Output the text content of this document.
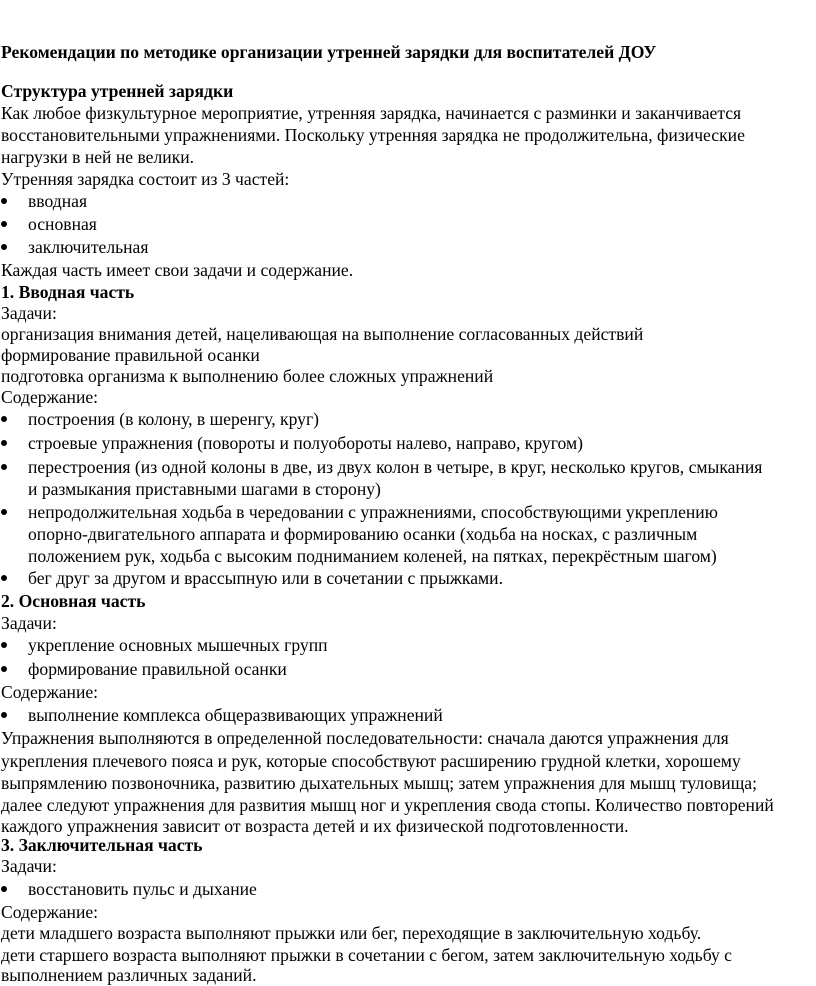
Рекомендации по методике организации утренней зарядки для воспитателей ДОУ
Структура утренней зарядки
Как любое физкультурное мероприятие, утренняя зарядка, начинается с разминки и заканчивается
восстановительными упражнениями. Поскольку утренняя зарядка не продолжительна, физические
нагрузки в ней не велики.
Утренняя зарядка состоит из 3 частей:
вводная
основная
заключительная
Каждая часть имеет свои задачи и содержание.
1. Вводная часть
Задачи:
организация внимания детей, нацеливающая на выполнение согласованных действий
формирование правильной осанки
подготовка организма к выполнению более сложных упражнений
Содержание:
построения (в колону, в шеренгу, круг)
строевые упражнения (повороты и полуобороты налево, направо, кругом)
перестроения (из одной колоны в две, из двух колон в четыре, в круг, несколько кругов, смыкания
и размыкания приставными шагами в сторону)
непродолжительная ходьба в чередовании с упражнениями, способствующими укреплению
опорно-двигательного аппарата и формированию осанки (ходьба на носках, с различным
положением рук, ходьба с высоким подниманием коленей, на пятках, перекрёстным шагом)
бег друг за другом и врассыпную или в сочетании с прыжками.
2. Основная часть
Задачи:
укрепление основных мышечных групп
формирование правильной осанки
Содержание:
выполнение комплекса общеразвивающих упражнений
Упражнения выполняются в определенной последовательности: сначала даются упражнения для
укрепления плечевого пояса и рук, которые способствуют расширению грудной клетки, хорошему
выпрямлению позвоночника, развитию дыхательных мышц; затем упражнения для мышц туловища;
далее следуют упражнения для развития мышц ног и укрепления свода стопы. Количество повторений
каждого упражнения зависит от возраста детей и их физической подготовленности.
3. Заключительная часть
Задачи:
восстановить пульс и дыхание
Содержание:
дети младшего возраста выполняют прыжки или бег, переходящие в заключительную ходьбу.
дети старшего возраста выполняют прыжки в сочетании с бегом, затем заключительную ходьбу с
выполнением различных заданий.
